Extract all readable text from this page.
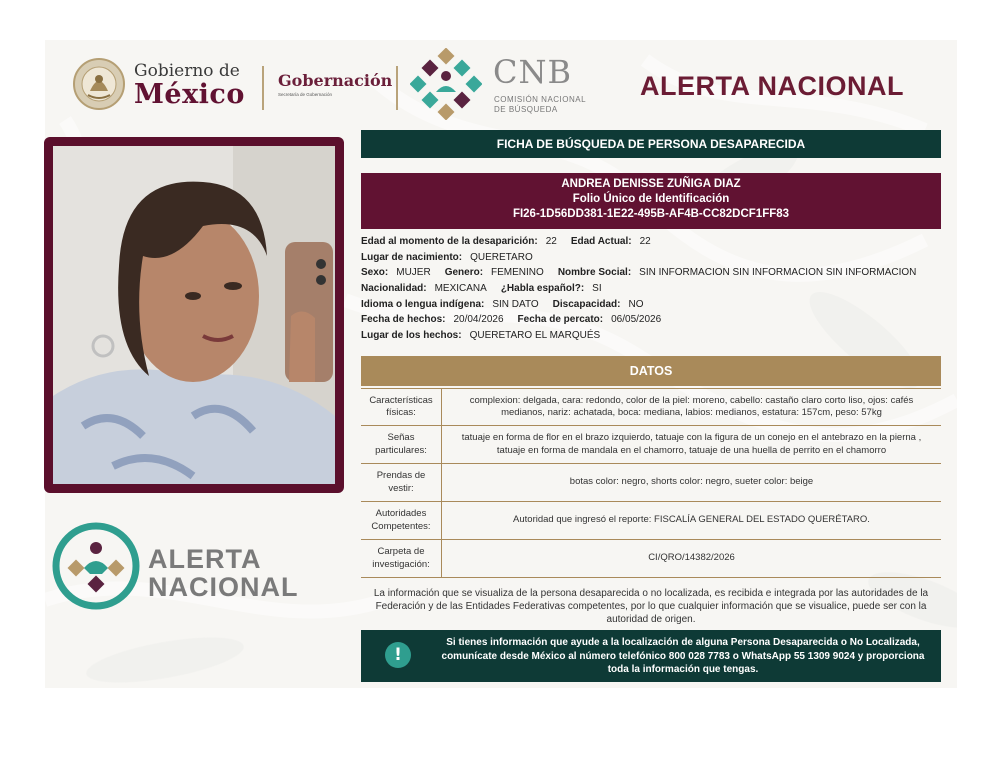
Gobierno de
México Gobernación
Secretaría de Gobernación
CNB
COMISIÓN NACIONAL
DE BÚSQUEDA
ALERTA NACIONAL
ALERTA
NACIONAL
FICHA DE BÚSQUEDA DE PERSONA DESAPARECIDA
ANDREA DENISSE ZUÑIGA DIAZ
Folio Único de Identificación
FI26-1D56DD381-1E22-495B-AF4B-CC82DCF1FF83
Edad al momento de la desaparición: 22 Edad Actual: 22
Lugar de nacimiento: QUERETARO
Sexo: MUJER Genero: FEMENINO Nombre Social: SIN INFORMACION SIN INFORMACION SIN INFORMACION
Nacionalidad: MEXICANA ¿Habla español?: SI
Idioma o lengua indígena: SIN DATO Discapacidad: NO
Fecha de hechos: 20/04/2026 Fecha de percato: 06/05/2026
Lugar de los hechos: QUERETARO EL MARQUÉS
DATOS
Características físicas:	complexion: delgada, cara: redondo, color de la piel: moreno, cabello: castaño claro corto liso, ojos: cafés medianos, nariz: achatada, boca: mediana, labios: medianos, estatura: 157cm, peso: 57kg
Señas particulares:	tatuaje en forma de flor en el brazo izquierdo, tatuaje con la figura de un conejo en el antebrazo en la pierna , tatuaje en forma de mandala en el chamorro, tatuaje de una huella de perrito en el chamorro
Prendas de vestir:	botas color: negro, shorts color: negro, sueter color: beige
Autoridades Competentes:	Autoridad que ingresó el reporte: FISCALÍA GENERAL DEL ESTADO QUERÉTARO.
Carpeta de investigación:	CI/QRO/14382/2026
La información que se visualiza de la persona desaparecida o no localizada, es recibida e integrada por las autoridades de la Federación y de las Entidades Federativas competentes, por lo que cualquier información que se visualice, puede ser con la autoridad de origen.
!
Si tienes información que ayude a la localización de alguna Persona Desaparecida o No Localizada, comunícate desde México al número telefónico 800 028 7783 o WhatsApp 55 1309 9024 y proporciona toda la información que tengas.
